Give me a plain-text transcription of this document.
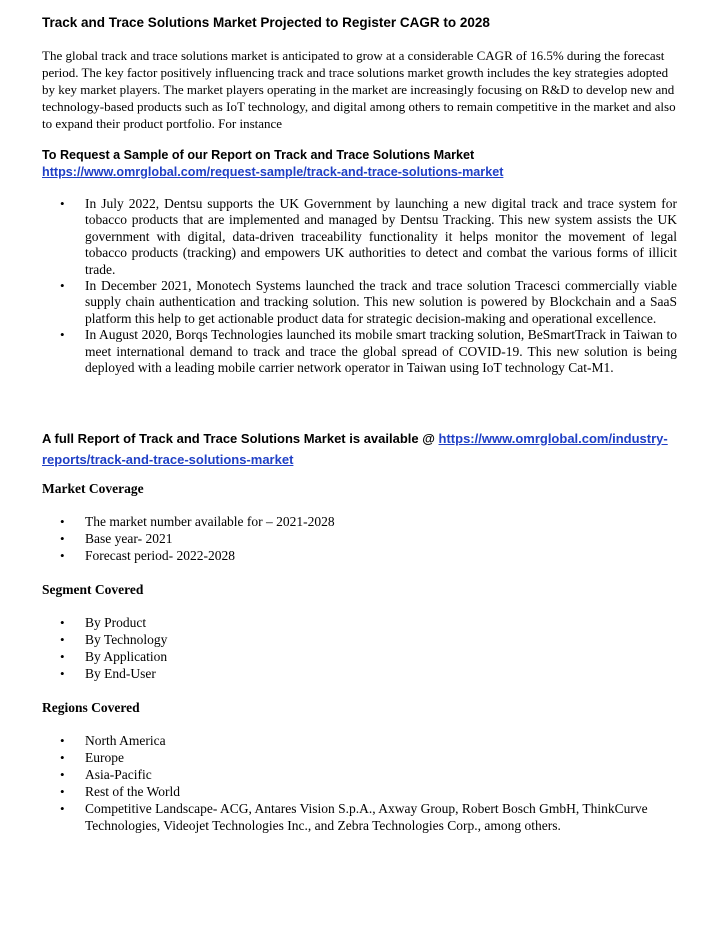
Track and Trace Solutions Market Projected to Register CAGR to 2028

The global track and trace solutions market is anticipated to grow at a considerable CAGR of 16.5% during the forecast period. The key factor positively influencing track and trace solutions market growth includes the key strategies adopted by key market players. The market players operating in the market are increasingly focusing on R&D to develop new and technology-based products such as IoT technology, and digital among others to remain competitive in the market and also to expand their product portfolio. For instance

To Request a Sample of our Report on Track and Trace Solutions Market https://www.omrglobal.com/request-sample/track-and-trace-solutions-market

• In July 2022, Dentsu supports the UK Government by launching a new digital track and trace system for tobacco products that are implemented and managed by Dentsu Tracking. This new system assists the UK government with digital, data-driven traceability functionality it helps monitor the movement of legal tobacco products (tracking) and empowers UK authorities to detect and combat the various forms of illicit trade.
• In December 2021, Monotech Systems launched the track and trace solution Tracesci commercially viable supply chain authentication and tracking solution. This new solution is powered by Blockchain and a SaaS platform this help to get actionable product data for strategic decision-making and operational excellence.
• In August 2020, Borqs Technologies launched its mobile smart tracking solution, BeSmartTrack in Taiwan to meet international demand to track and trace the global spread of COVID-19. This new solution is being deployed with a leading mobile carrier network operator in Taiwan using IoT technology Cat-M1.

A full Report of Track and Trace Solutions Market is available @ https://www.omrglobal.com/industry-reports/track-and-trace-solutions-market

Market Coverage
• The market number available for – 2021-2028
• Base year- 2021
• Forecast period- 2022-2028
Segment Covered
• By Product
• By Technology
• By Application
• By End-User
Regions Covered
• North America
• Europe
• Asia-Pacific
• Rest of the World
• Competitive Landscape- ACG, Antares Vision S.p.A., Axway Group, Robert Bosch GmbH, ThinkCurve Technologies, Videojet Technologies Inc., and Zebra Technologies Corp., among others.
